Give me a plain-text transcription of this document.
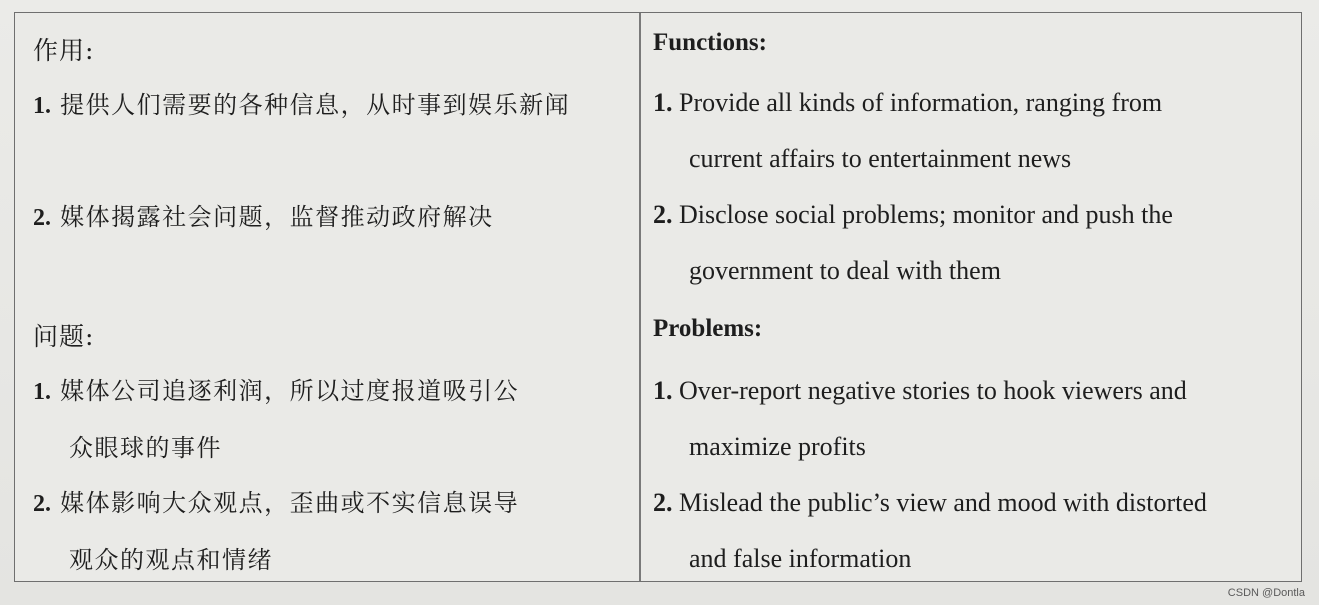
作用:
1. 提供人们需要的各种信息，从时事到娱乐新闻
2. 媒体揭露社会问题，监督推动政府解决
问题:
1. 媒体公司追逐利润，所以过度报道吸引公
众眼球的事件
2. 媒体影响大众观点，歪曲或不实信息误导
观众的观点和情绪
Functions:
1. Provide all kinds of information, ranging from
current affairs to entertainment news
2. Disclose social problems; monitor and push the
government to deal with them
Problems:
1. Over-report negative stories to hook viewers and
maximize profits
2. Mislead the public’s view and mood with distorted
and false information
CSDN @Dontla
